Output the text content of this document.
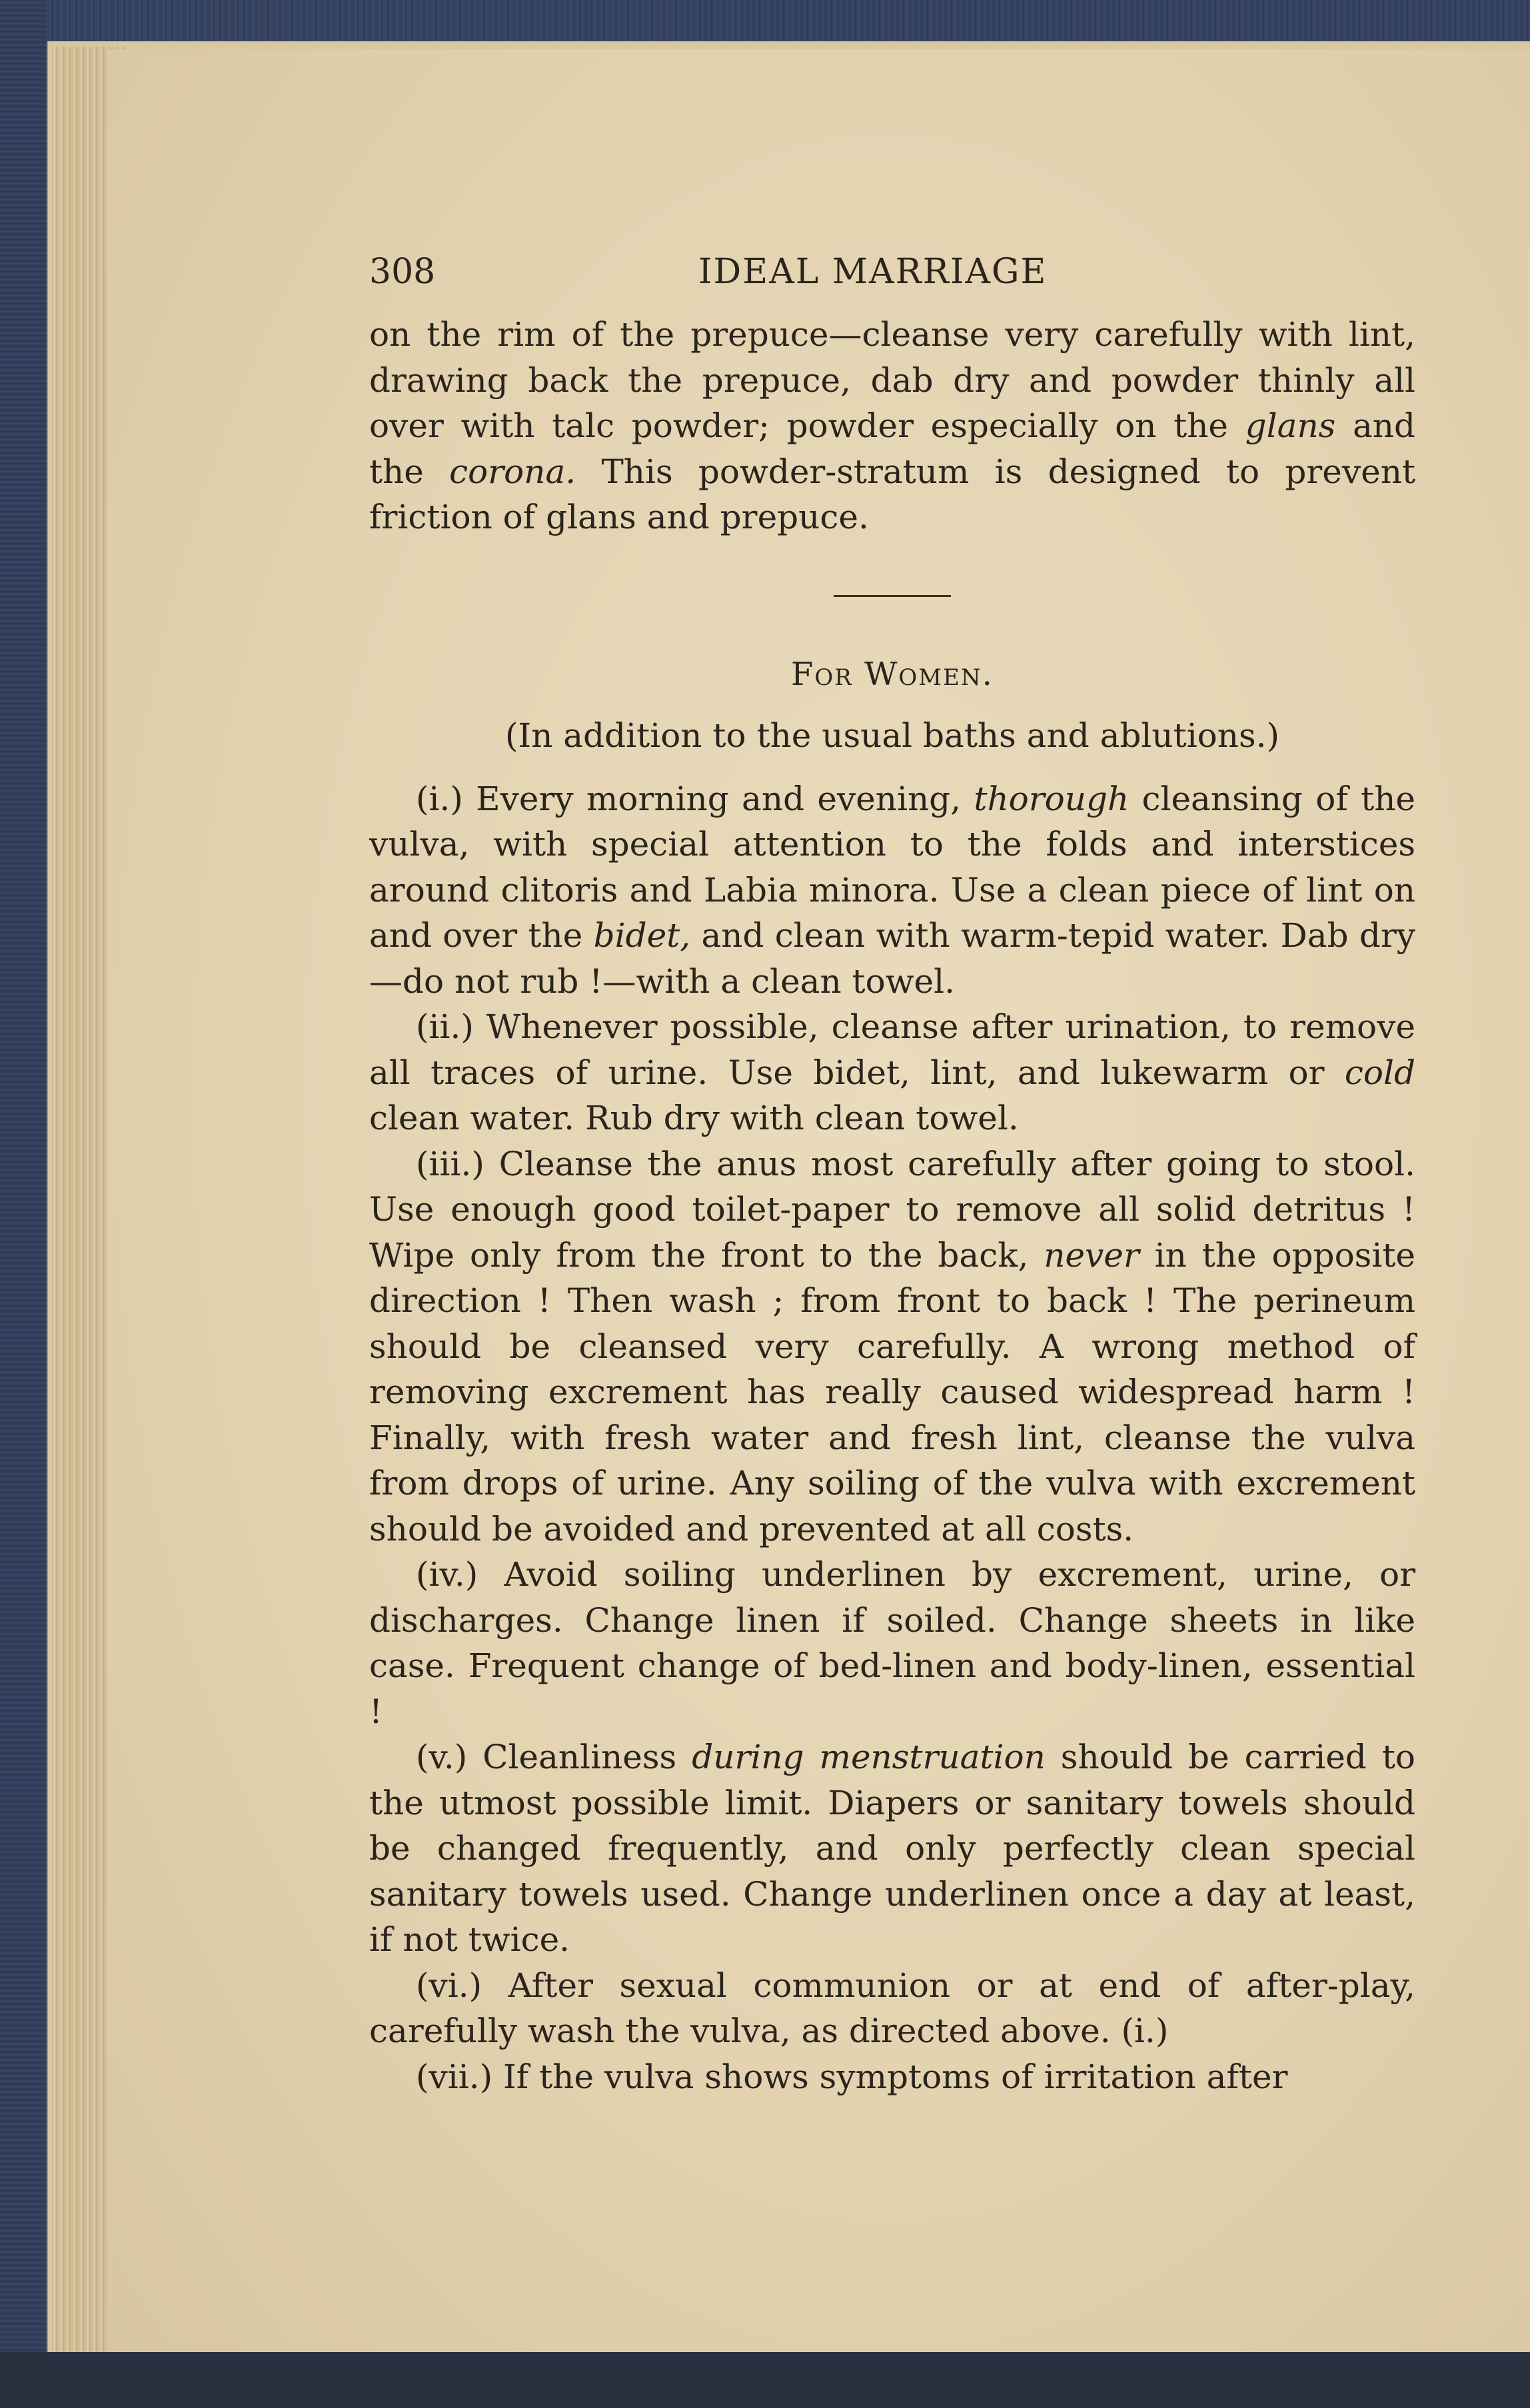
308	IDEAL MARRIAGE

on the rim of the prepuce—cleanse very carefully with lint, drawing back the prepuce, dab dry and powder thinly all over with talc powder; powder especially on the glans and the corona. This powder-stratum is designed to prevent friction of glans and prepuce.

For Women.
(In addition to the usual baths and ablutions.)

(i.) Every morning and evening, thorough cleansing of the vulva, with special attention to the folds and interstices around clitoris and Labia minora. Use a clean piece of lint on and over the bidet, and clean with warm-tepid water. Dab dry—do not rub !—with a clean towel.

(ii.) Whenever possible, cleanse after urination, to remove all traces of urine. Use bidet, lint, and lukewarm or cold clean water. Rub dry with clean towel.

(iii.) Cleanse the anus most carefully after going to stool. Use enough good toilet-paper to remove all solid detritus ! Wipe only from the front to the back, never in the opposite direction ! Then wash ; from front to back ! The perineum should be cleansed very carefully. A wrong method of removing excrement has really caused widespread harm ! Finally, with fresh water and fresh lint, cleanse the vulva from drops of urine. Any soiling of the vulva with excrement should be avoided and prevented at all costs.

(iv.) Avoid soiling underlinen by excrement, urine, or discharges. Change linen if soiled. Change sheets in like case. Frequent change of bed-linen and body-linen, essential !

(v.) Cleanliness during menstruation should be carried to the utmost possible limit. Diapers or sanitary towels should be changed frequently, and only perfectly clean special sanitary towels used. Change underlinen once a day at least, if not twice.

(vi.) After sexual communion or at end of after-play, carefully wash the vulva, as directed above. (i.)

(vii.) If the vulva shows symptoms of irritation after
